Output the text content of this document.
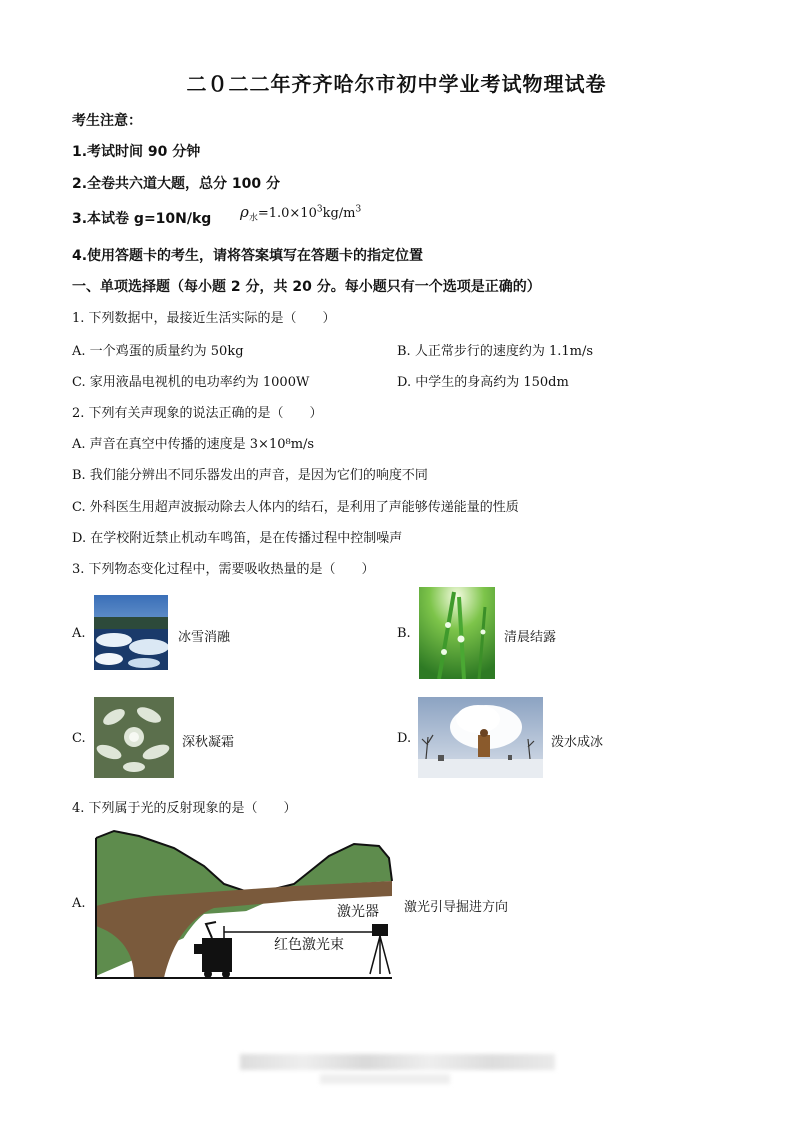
二０二二年齐齐哈尔市初中学业考试物理试卷
考生注意：
1.考试时间 90 分钟
2.全卷共六道大题，总分 100 分
3.本试卷 g=10N/kg $\rho_水=1.0\times 10^3kg/m^3$
4.使用答题卡的考生，请将答案填写在答题卡的指定位置
一、单项选择题（每小题 2 分，共 20 分。每小题只有一个选项是正确的）
1. 下列数据中，最接近生活实际的是（　　）
A. 一个鸡蛋的质量约为 50kg	B. 人正常步行的速度约为 1.1m/s
C. 家用液晶电视机的电功率约为 1000W	D. 中学生的身高约为 150dm
2. 下列有关声现象的说法正确的是（　　）
A. 声音在真空中传播的速度是 3×10⁸m/s
B. 我们能分辨出不同乐器发出的声音，是因为它们的响度不同
C. 外科医生用超声波振动除去人体内的结石，是利用了声能够传递能量的性质
D. 在学校附近禁止机动车鸣笛，是在传播过程中控制噪声
3. 下列物态变化过程中，需要吸收热量的是（　　）
A.	冰雪消融	B.	清晨结露
C.	深秋凝霜	D.	泼水成冰
4. 下列属于光的反射现象的是（　　）
A.
激光器
红色激光束
激光引导掘进方向
